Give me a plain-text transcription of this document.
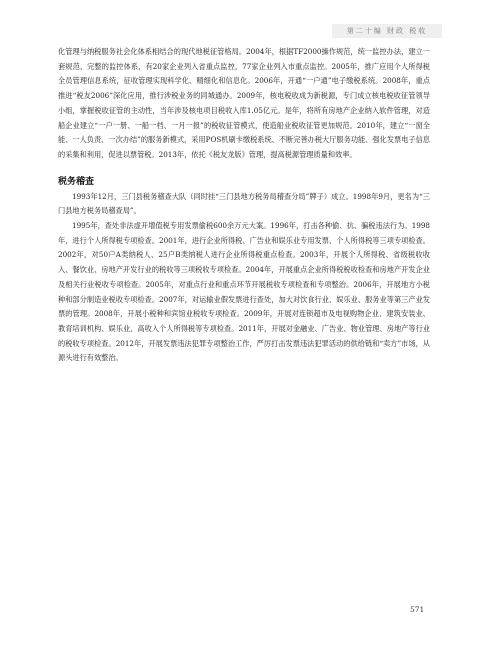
第二十编 财政 税收

化管理与纳税服务社会化体系相结合的现代地税征管格局。2004年，根据TF2000操作规范，统一监控办法，建立一套规范、完整的监控体系，有20家企业列入省重点监控，77家企业列入市重点监控。2005年，推广应用个人所得税全员管理信息系统，征收管理实现科学化、精细化和信息化。2006年，开通“一户通”电子缴税系统。2008年，重点推进“税友2006”深化应用，推行涉税业务的同城通办。2009年，核电税收成为新税源，专门成立核电税收征管领导小组，掌握税收征管的主动性，当年涉及核电项目税收入库1.05亿元。是年，将所有房地产企业纳入软件管理，对造船企业建立“一户一册、一船一档、一月一报”的税收征管模式，使造船业税收征管更加规范。2010年，建立“一窗全能、一人负责、一次办结”的服务新模式，采用POS机刷卡缴税系统、不断完善办税大厅服务功能、强化发票电子信息的采集和利用，促进以票管税。2013年，依托《税友龙版》管理，提高税源管理质量和效率。

税务稽查

1993年12月，三门县税务稽查大队（同时挂“三门县地方税务局稽查分局”牌子）成立。1998年9月，更名为“三门县地方税务局稽查局”。

1995年，查处非法虚开增值税专用发票偷税600余万元大案。1996年，打击各种偷、抗、骗税违法行为。1998年，进行个人所得税专项检查。2001年，进行企业所得税、广告业和娱乐业专用发票、个人所得税等三项专项检查。2002年，对50户A类纳税人、25户B类纳税人进行企业所得税重点检查。2003年，开展个人所得税、省级税收收入、餐饮业、房地产开发行业的税收等三项税收专项检查。2004年，开展重点企业所得税税收检查和房地产开发企业及相关行业税收专项检查。2005年，对重点行业和重点环节开展税收专项检查和专项整治。2006年，开展地方小税种和部分制造业税收专项检查。2007年，对运输业假发票进行查处，加大对饮食行业、娱乐业、服务业等第三产业发票的管理。2008年，开展小税种和宾馆业税收专项检查。2009年，开展对连锁超市及电视购物企业、建筑安装业、教育培训机构、娱乐业、高收入个人所得税等专项检查。2011年，开展对金融业、广告业、物业管理、房地产等行业的税收专项检查。2012年，开展发票违法犯罪专项整治工作，严厉打击发票违法犯罪活动的供给链和“卖方”市场，从源头进行有效整治。

571
